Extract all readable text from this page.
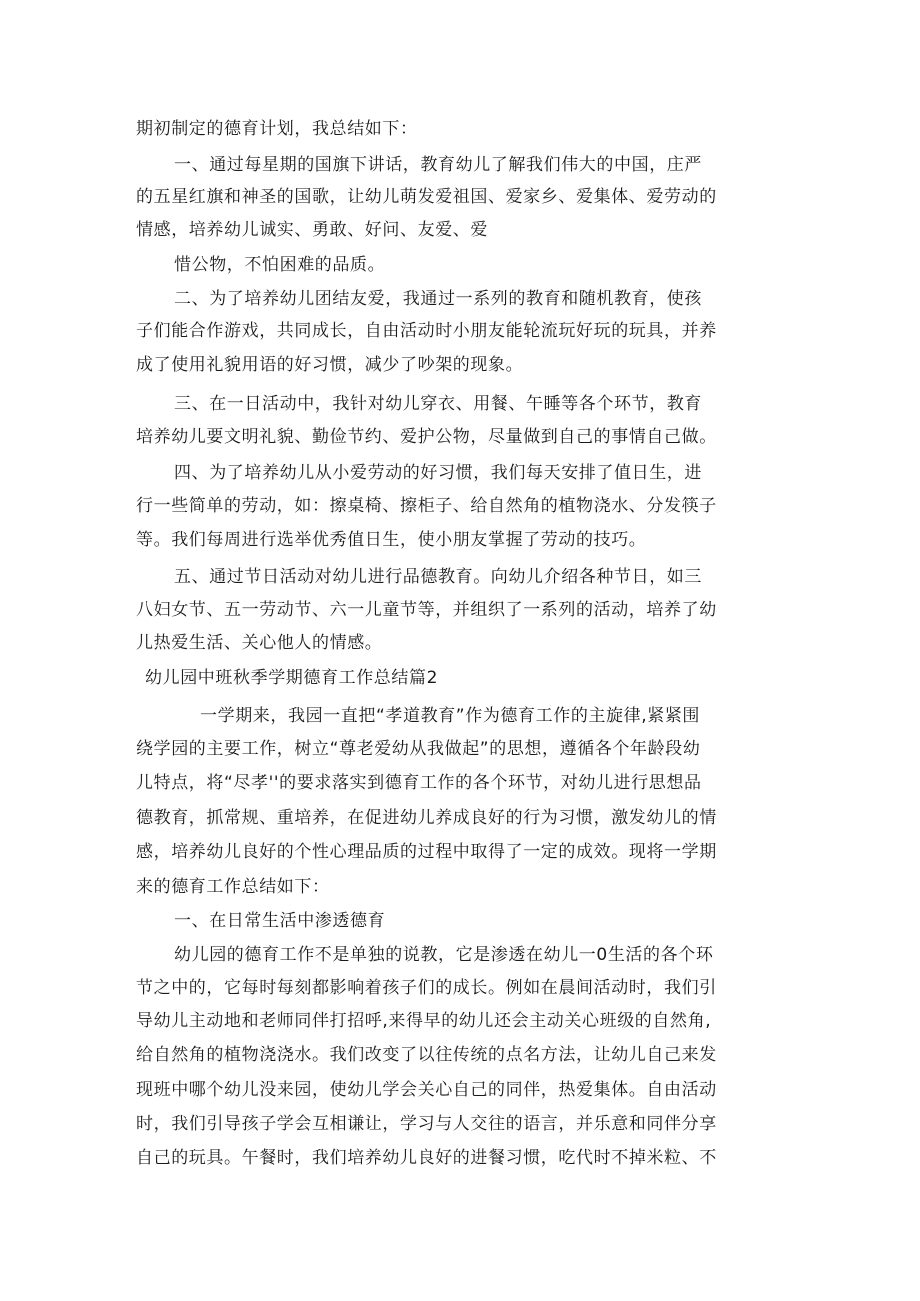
期初制定的德育计划，我总结如下：
一、通过每星期的国旗下讲话，教育幼儿了解我们伟大的中国，庄严
的五星红旗和神圣的国歌，让幼儿萌发爱祖国、爱家乡、爱集体、爱劳动的
情感，培养幼儿诚实、勇敢、好问、友爱、爱
惜公物，不怕困难的品质。
二、为了培养幼儿团结友爱，我通过一系列的教育和随机教育，使孩
子们能合作游戏，共同成长，自由活动时小朋友能轮流玩好玩的玩具，并养
成了使用礼貌用语的好习惯，减少了吵架的现象。
三、在一日活动中，我针对幼儿穿衣、用餐、午睡等各个环节，教育
培养幼儿要文明礼貌、勤俭节约、爱护公物，尽量做到自己的事情自己做。
四、为了培养幼儿从小爱劳动的好习惯，我们每天安排了值日生，进
行一些简单的劳动，如：擦桌椅、擦柜子、给自然角的植物浇水、分发筷子
等。我们每周进行选举优秀值日生，使小朋友掌握了劳动的技巧。
五、通过节日活动对幼儿进行品德教育。向幼儿介绍各种节日，如三
八妇女节、五一劳动节、六一儿童节等，并组织了一系列的活动，培养了幼
儿热爱生活、关心他人的情感。
幼儿园中班秋季学期德育工作总结篇2
一学期来，我园一直把“孝道教育”作为德育工作的主旋律,紧紧围
绕学园的主要工作，树立“尊老爱幼从我做起”的思想，遵循各个年龄段幼
儿特点，将“尽孝''的要求落实到德育工作的各个环节，对幼儿进行思想品
德教育，抓常规、重培养，在促进幼儿养成良好的行为习惯，激发幼儿的情
感，培养幼儿良好的个性心理品质的过程中取得了一定的成效。现将一学期
来的德育工作总结如下：
一、在日常生活中渗透德育
幼儿园的德育工作不是单独的说教，它是渗透在幼儿一0生活的各个环
节之中的，它每时每刻都影响着孩子们的成长。例如在晨间活动时，我们引
导幼儿主动地和老师同伴打招呼,来得早的幼儿还会主动关心班级的自然角,
给自然角的植物浇浇水。我们改变了以往传统的点名方法，让幼儿自己来发
现班中哪个幼儿没来园，使幼儿学会关心自己的同伴，热爱集体。自由活动
时，我们引导孩子学会互相谦让，学习与人交往的语言，并乐意和同伴分享
自己的玩具。午餐时，我们培养幼儿良好的进餐习惯，吃代时不掉米粒、不
